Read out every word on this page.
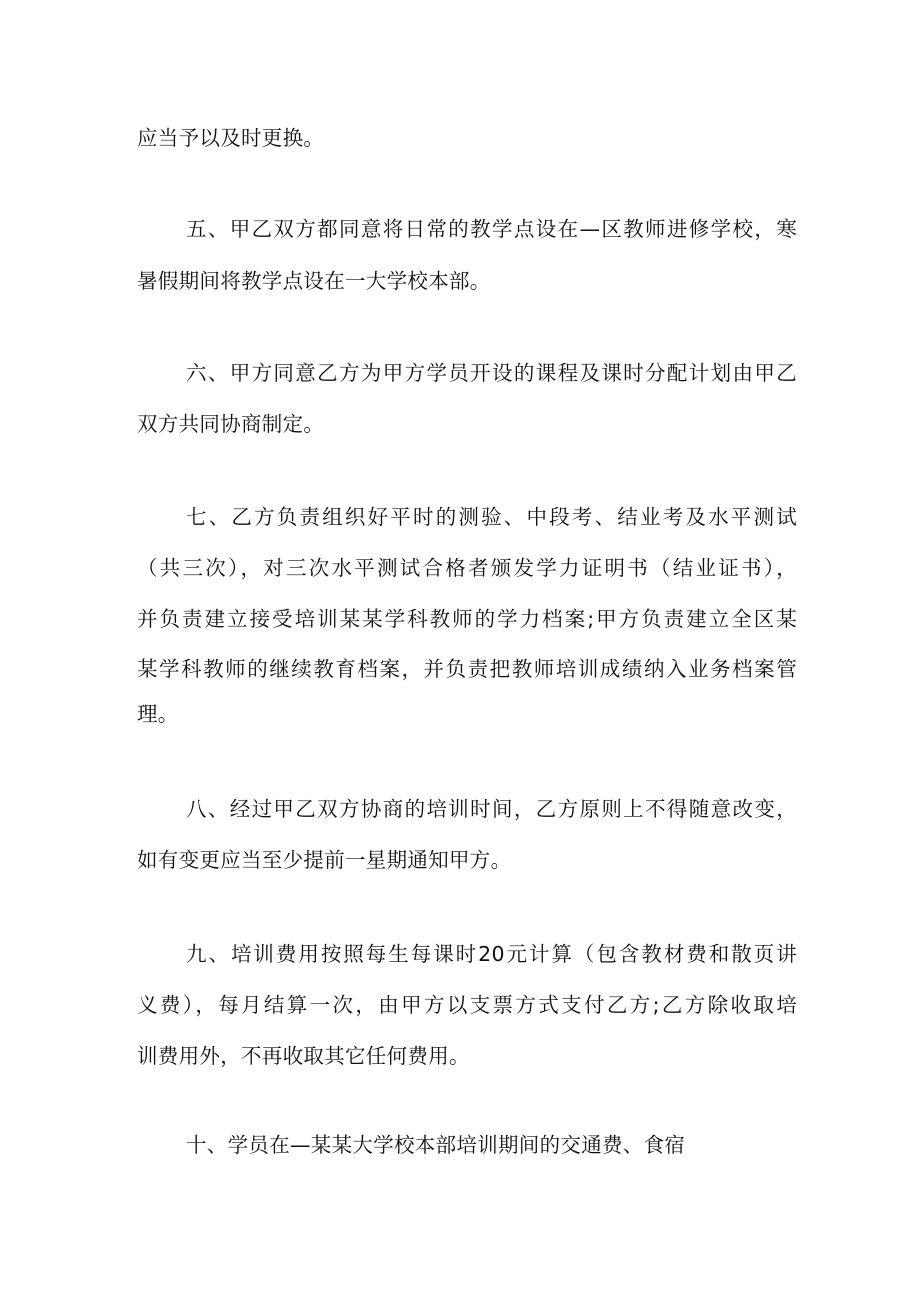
应当予以及时更换。
五、甲乙双方都同意将日常的教学点设在—区教师进修学校，寒
暑假期间将教学点设在一大学校本部。
六、甲方同意乙方为甲方学员开设的课程及课时分配计划由甲乙
双方共同协商制定。
七、乙方负责组织好平时的测验、中段考、结业考及水平测试
（共三次），对三次水平测试合格者颁发学力证明书（结业证书），
并负责建立接受培训某某学科教师的学力档案;甲方负责建立全区某
某学科教师的继续教育档案，并负责把教师培训成绩纳入业务档案管
理。
八、经过甲乙双方协商的培训时间，乙方原则上不得随意改变，
如有变更应当至少提前一星期通知甲方。
九、培训费用按照每生每课时20元计算（包含教材费和散页讲
义费），每月结算一次，由甲方以支票方式支付乙方;乙方除收取培
训费用外，不再收取其它任何费用。
十、学员在—某某大学校本部培训期间的交通费、食宿
